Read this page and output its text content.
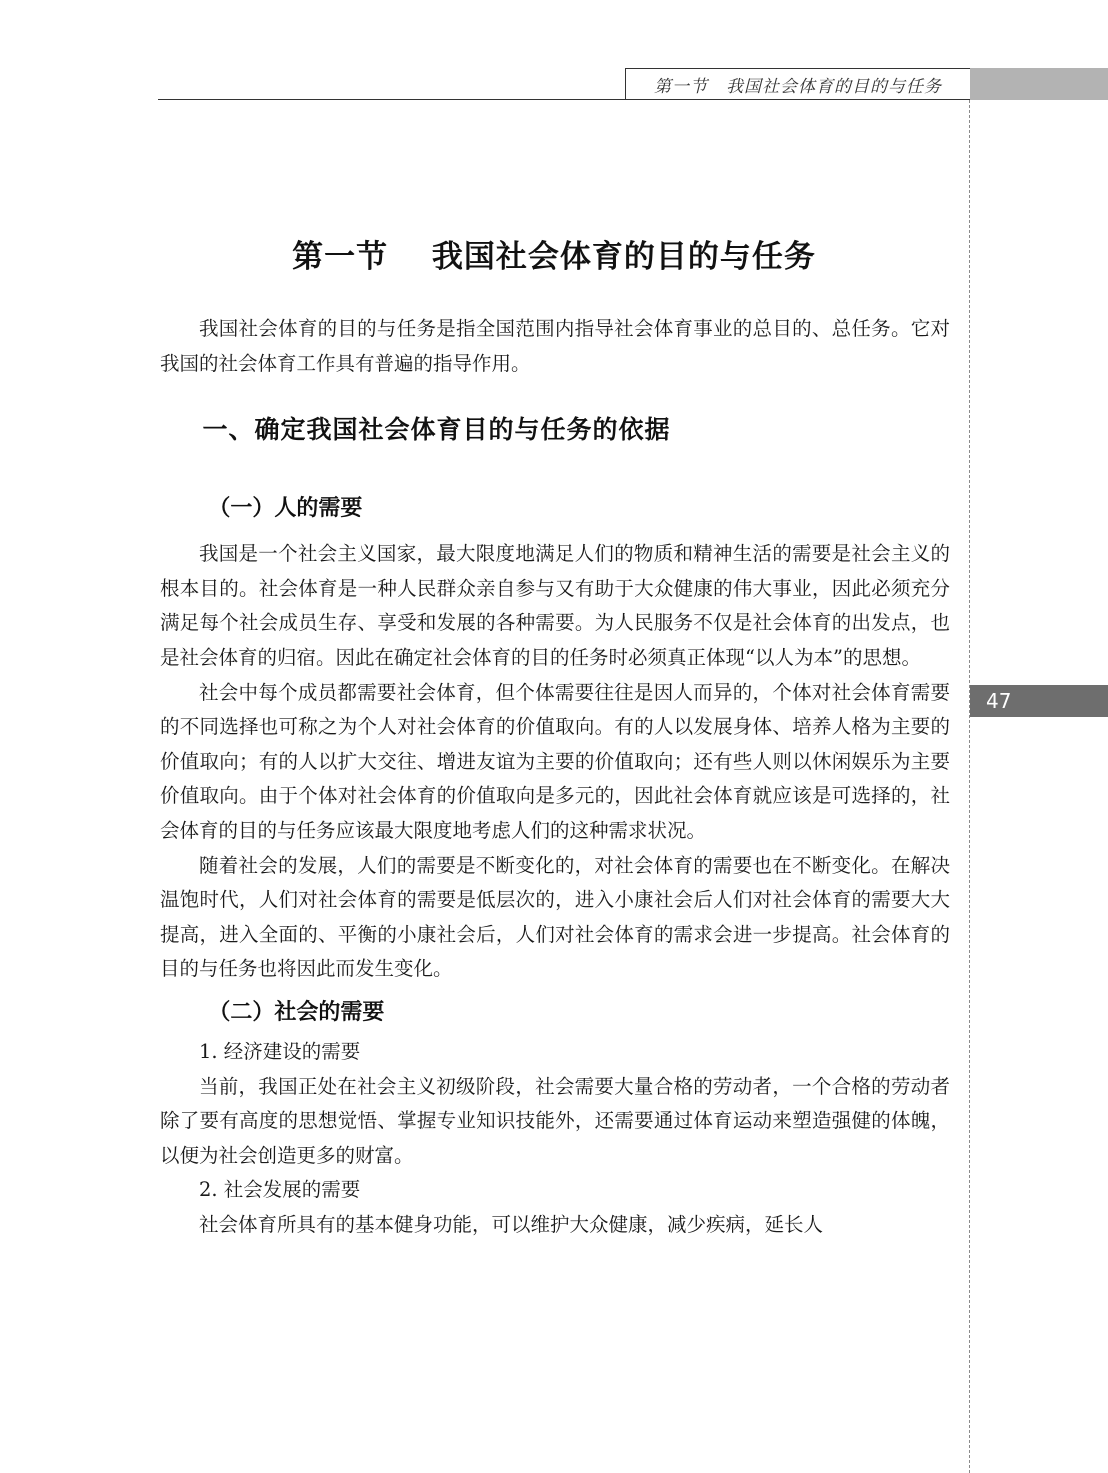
第一节　我国社会体育的目的与任务
47
第一节　 我国社会体育的目的与任务

我国社会体育的目的与任务是指全国范围内指导社会体育事业的总目的、总任务。它对我国的社会体育工作具有普遍的指导作用。

一、确定我国社会体育目的与任务的依据
（一）人的需要

我国是一个社会主义国家，最大限度地满足人们的物质和精神生活的需要是社会主义的根本目的。社会体育是一种人民群众亲自参与又有助于大众健康的伟大事业，因此必须充分满足每个社会成员生存、享受和发展的各种需要。为人民服务不仅是社会体育的出发点，也是社会体育的归宿。因此在确定社会体育的目的任务时必须真正体现“以人为本”的思想。

社会中每个成员都需要社会体育，但个体需要往往是因人而异的，个体对社会体育需要的不同选择也可称之为个人对社会体育的价值取向。有的人以发展身体、培养人格为主要的价值取向；有的人以扩大交往、增进友谊为主要的价值取向；还有些人则以休闲娱乐为主要价值取向。由于个体对社会体育的价值取向是多元的，因此社会体育就应该是可选择的，社会体育的目的与任务应该最大限度地考虑人们的这种需求状况。

随着社会的发展，人们的需要是不断变化的，对社会体育的需要也在不断变化。在解决温饱时代，人们对社会体育的需要是低层次的，进入小康社会后人们对社会体育的需要大大提高，进入全面的、平衡的小康社会后，人们对社会体育的需求会进一步提高。社会体育的目的与任务也将因此而发生变化。

（二）社会的需要

1. 经济建设的需要

当前，我国正处在社会主义初级阶段，社会需要大量合格的劳动者，一个合格的劳动者除了要有高度的思想觉悟、掌握专业知识技能外，还需要通过体育运动来塑造强健的体魄，以便为社会创造更多的财富。

2. 社会发展的需要

社会体育所具有的基本健身功能，可以维护大众健康，减少疾病，延长人
